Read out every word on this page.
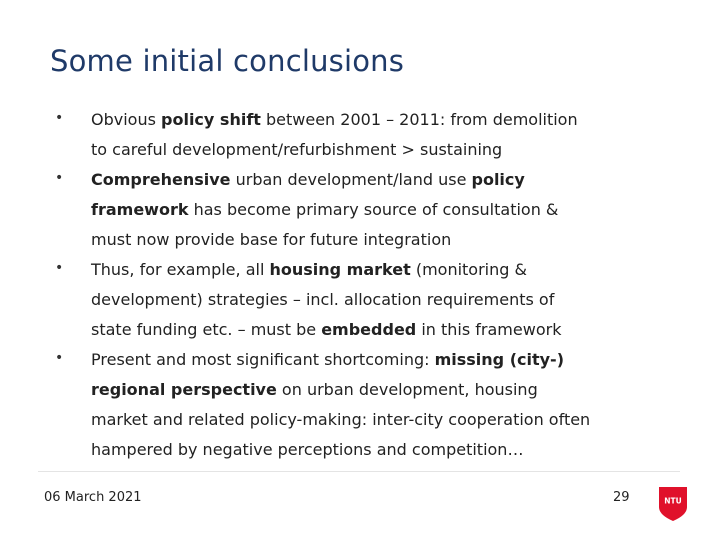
Some initial conclusions
• Obvious policy shift between 2001 – 2011: from demolition
to careful development/refurbishment > sustaining
• Comprehensive urban development/land use policy
framework has become primary source of consultation &
must now provide base for future integration
• Thus, for example, all housing market (monitoring &
development) strategies – incl. allocation requirements of
state funding etc. – must be embedded in this framework
• Present and most significant shortcoming: missing (city-)
regional perspective on urban development, housing
market and related policy-making: inter-city cooperation often
hampered by negative perceptions and competition…
06 March 2021	29	NTU
